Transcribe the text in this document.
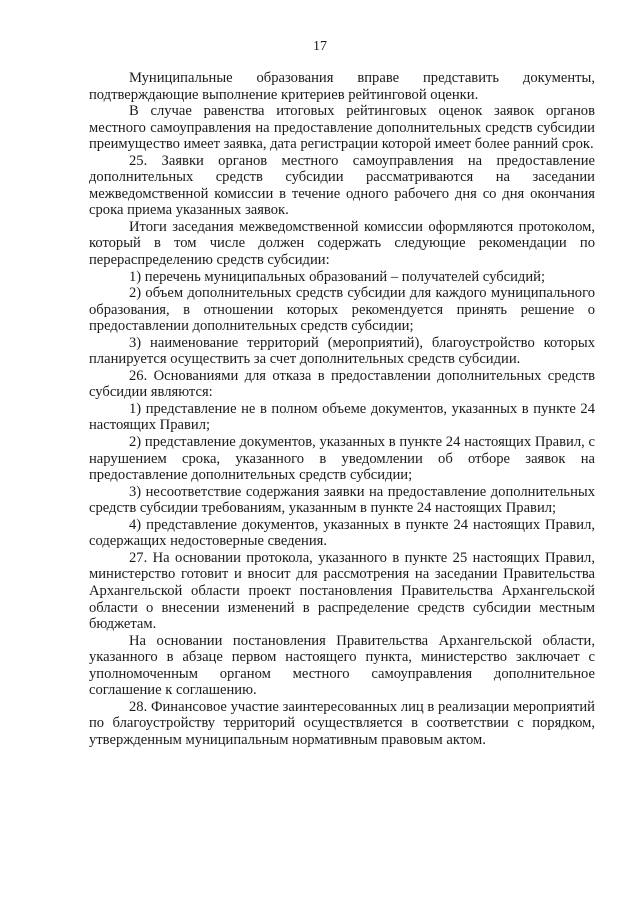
17

Муниципальные образования вправе представить документы, подтверждающие выполнение критериев рейтинговой оценки.

В случае равенства итоговых рейтинговых оценок заявок органов местного самоуправления на предоставление дополнительных средств субсидии преимущество имеет заявка, дата регистрации которой имеет более ранний срок.

25. Заявки органов местного самоуправления на предоставление дополнительных средств субсидии рассматриваются на заседании межведомственной комиссии в течение одного рабочего дня со дня окончания срока приема указанных заявок.

Итоги заседания межведомственной комиссии оформляются протоколом, который в том числе должен содержать следующие рекомендации по перераспределению средств субсидии:

1) перечень муниципальных образований – получателей субсидий;

2) объем дополнительных средств субсидии для каждого муниципального образования, в отношении которых рекомендуется принять решение о предоставлении дополнительных средств субсидии;

3) наименование территорий (мероприятий), благоустройство которых планируется осуществить за счет дополнительных средств субсидии.

26. Основаниями для отказа в предоставлении дополнительных средств субсидии являются:

1) представление не в полном объеме документов, указанных в пункте 24 настоящих Правил;

2) представление документов, указанных в пункте 24 настоящих Правил, с нарушением срока, указанного в уведомлении об отборе заявок на предоставление дополнительных средств субсидии;

3) несоответствие содержания заявки на предоставление дополнительных средств субсидии требованиям, указанным в пункте 24 настоящих Правил;

4) представление документов, указанных в пункте 24 настоящих Правил, содержащих недостоверные сведения.

27. На основании протокола, указанного в пункте 25 настоящих Правил, министерство готовит и вносит для рассмотрения на заседании Правительства Архангельской области проект постановления Правительства Архангельской области о внесении изменений в распределение средств субсидии местным бюджетам.

На основании постановления Правительства Архангельской области, указанного в абзаце первом настоящего пункта, министерство заключает с уполномоченным органом местного самоуправления дополнительное соглашение к соглашению.

28. Финансовое участие заинтересованных лиц в реализации мероприятий по благоустройству территорий осуществляется в соответствии с порядком, утвержденным муниципальным нормативным правовым актом.
